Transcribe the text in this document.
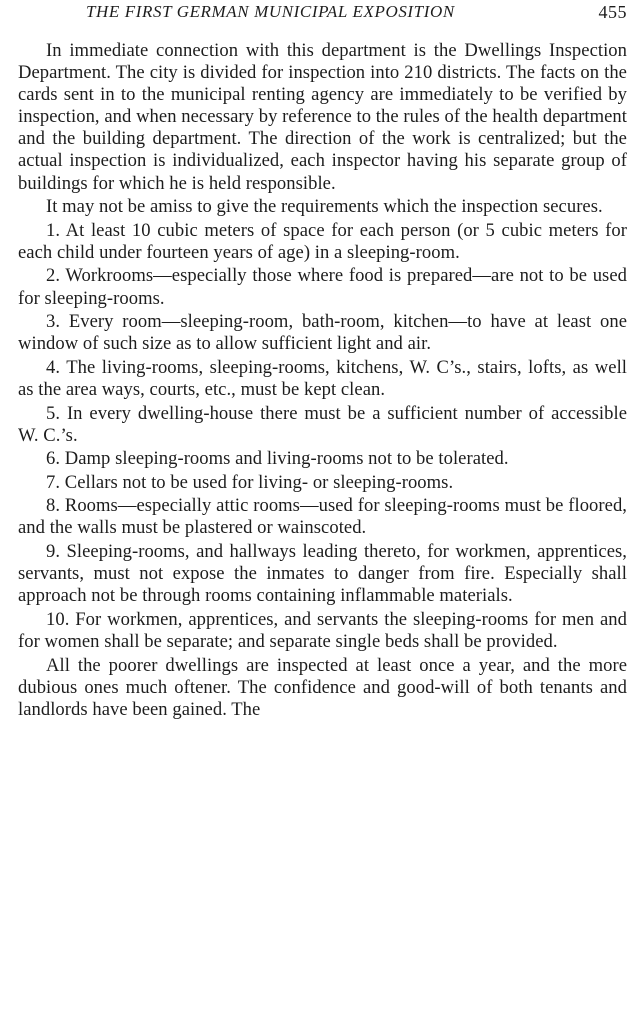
THE FIRST GERMAN MUNICIPAL EXPOSITION	455

In immediate connection with this department is the Dwellings Inspection Department. The city is divided for inspection into 210 districts. The facts on the cards sent in to the municipal renting agency are immediately to be verified by inspection, and when necessary by reference to the rules of the health department and the building department. The direction of the work is centralized; but the actual inspection is individualized, each inspector having his separate group of buildings for which he is held responsible.

It may not be amiss to give the requirements which the inspection secures.

1. At least 10 cubic meters of space for each person (or 5 cubic meters for each child under fourteen years of age) in a sleeping-room.

2. Workrooms—especially those where food is prepared—are not to be used for sleeping-rooms.

3. Every room—sleeping-room, bath-room, kitchen—to have at least one window of such size as to allow sufficient light and air.

4. The living-rooms, sleeping-rooms, kitchens, W. C’s., stairs, lofts, as well as the area ways, courts, etc., must be kept clean.

5. In every dwelling-house there must be a sufficient number of accessible W. C.’s.

6. Damp sleeping-rooms and living-rooms not to be tolerated.

7. Cellars not to be used for living- or sleeping-rooms.

8. Rooms—especially attic rooms—used for sleeping-rooms must be floored, and the walls must be plastered or wainscoted.

9. Sleeping-rooms, and hallways leading thereto, for workmen, apprentices, servants, must not expose the inmates to danger from fire. Especially shall approach not be through rooms containing inflammable materials.

10. For workmen, apprentices, and servants the sleeping-rooms for men and for women shall be separate; and separate single beds shall be provided.

All the poorer dwellings are inspected at least once a year, and the more dubious ones much oftener. The confidence and good-will of both tenants and landlords have been gained. The
